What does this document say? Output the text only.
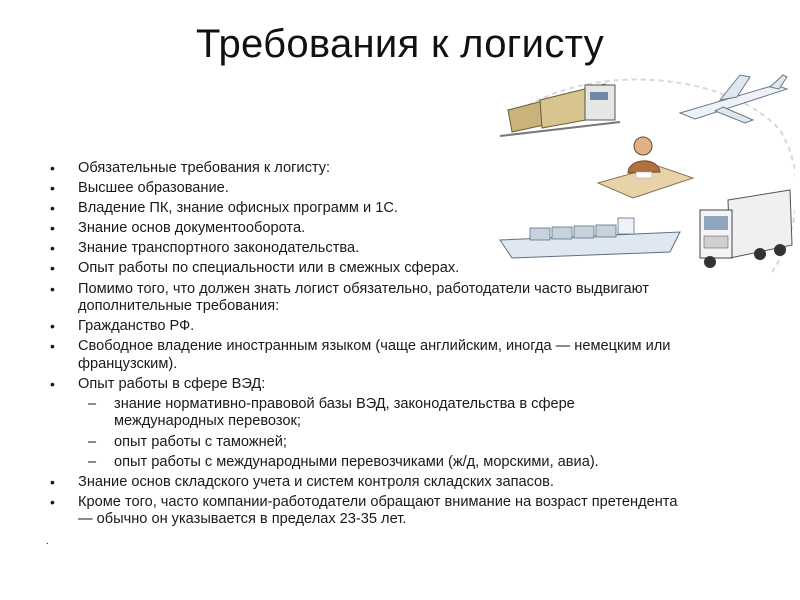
Требования к логисту
• Обязательные требования к логисту:
• Высшее образование.
• Владение ПК, знание офисных программ и 1С.
• Знание основ документооборота.
• Знание транспортного законодательства.
• Опыт работы по специальности или в смежных сферах.
• Помимо того, что должен знать логист обязательно, работодатели часто выдвигают дополнительные требования:
• Гражданство РФ.
• Свободное владение иностранным языком (чаще английским, иногда — немецким или французским).
• Опыт работы в сфере ВЭД:
– знание нормативно-правовой базы ВЭД, законодательства в сфере международных перевозок;
– опыт работы с таможней;
– опыт работы с международными перевозчиками (ж/д, морскими, авиа).
• Знание основ складского учета и систем контроля складских запасов.
• Кроме того, часто компании-работодатели обращают внимание на возраст претендента — обычно он указывается в пределах 23-35 лет.
.
